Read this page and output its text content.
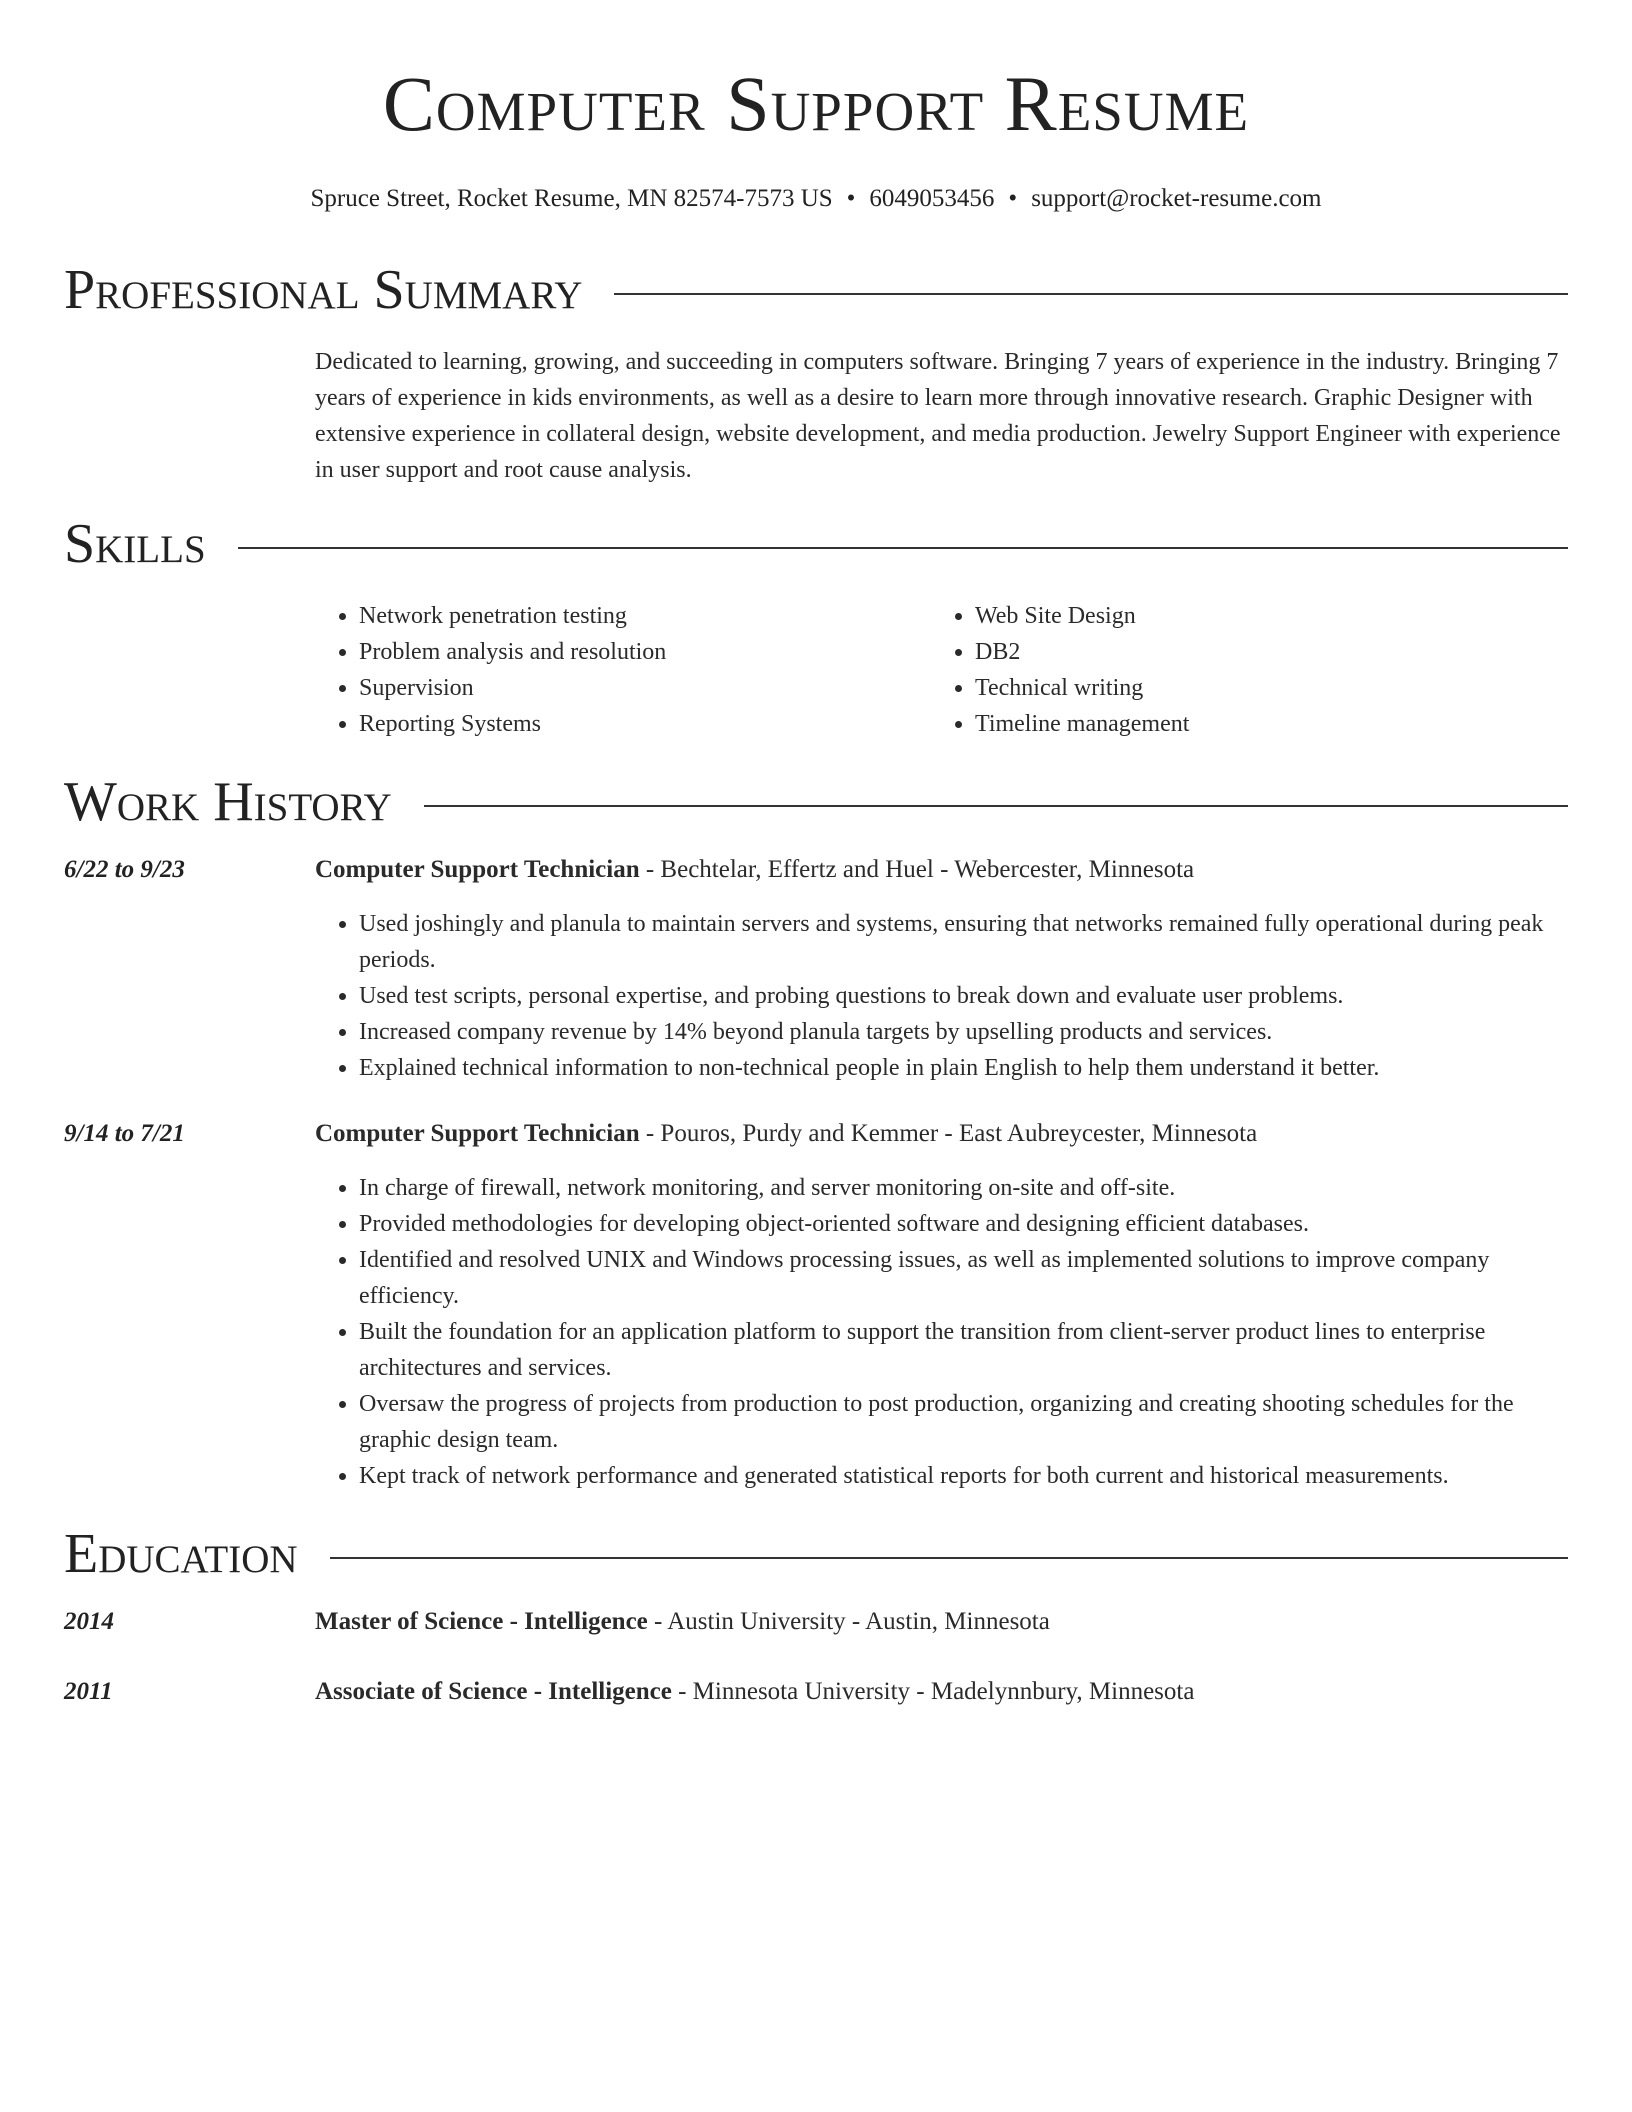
Computer Support Resume
Spruce Street, Rocket Resume, MN 82574-7573 US • 6049053456 • support@rocket-resume.com
Professional Summary
Dedicated to learning, growing, and succeeding in computers software. Bringing 7 years of experience in the industry. Bringing 7 years of experience in kids environments, as well as a desire to learn more through innovative research. Graphic Designer with extensive experience in collateral design, website development, and media production. Jewelry Support Engineer with experience in user support and root cause analysis.
Skills
• Network penetration testing
• Problem analysis and resolution
• Supervision
• Reporting Systems
• Web Site Design
• DB2
• Technical writing
• Timeline management
Work History
6/22 to 9/23	Computer Support Technician - Bechtelar, Effertz and Huel - Webercester, Minnesota
• Used joshingly and planula to maintain servers and systems, ensuring that networks remained fully operational during peak periods.
• Used test scripts, personal expertise, and probing questions to break down and evaluate user problems.
• Increased company revenue by 14% beyond planula targets by upselling products and services.
• Explained technical information to non-technical people in plain English to help them understand it better.
9/14 to 7/21	Computer Support Technician - Pouros, Purdy and Kemmer - East Aubreycester, Minnesota
• In charge of firewall, network monitoring, and server monitoring on-site and off-site.
• Provided methodologies for developing object-oriented software and designing efficient databases.
• Identified and resolved UNIX and Windows processing issues, as well as implemented solutions to improve company efficiency.
• Built the foundation for an application platform to support the transition from client-server product lines to enterprise architectures and services.
• Oversaw the progress of projects from production to post production, organizing and creating shooting schedules for the graphic design team.
• Kept track of network performance and generated statistical reports for both current and historical measurements.
Education
2014	Master of Science - Intelligence - Austin University - Austin, Minnesota
2011	Associate of Science - Intelligence - Minnesota University - Madelynnbury, Minnesota
